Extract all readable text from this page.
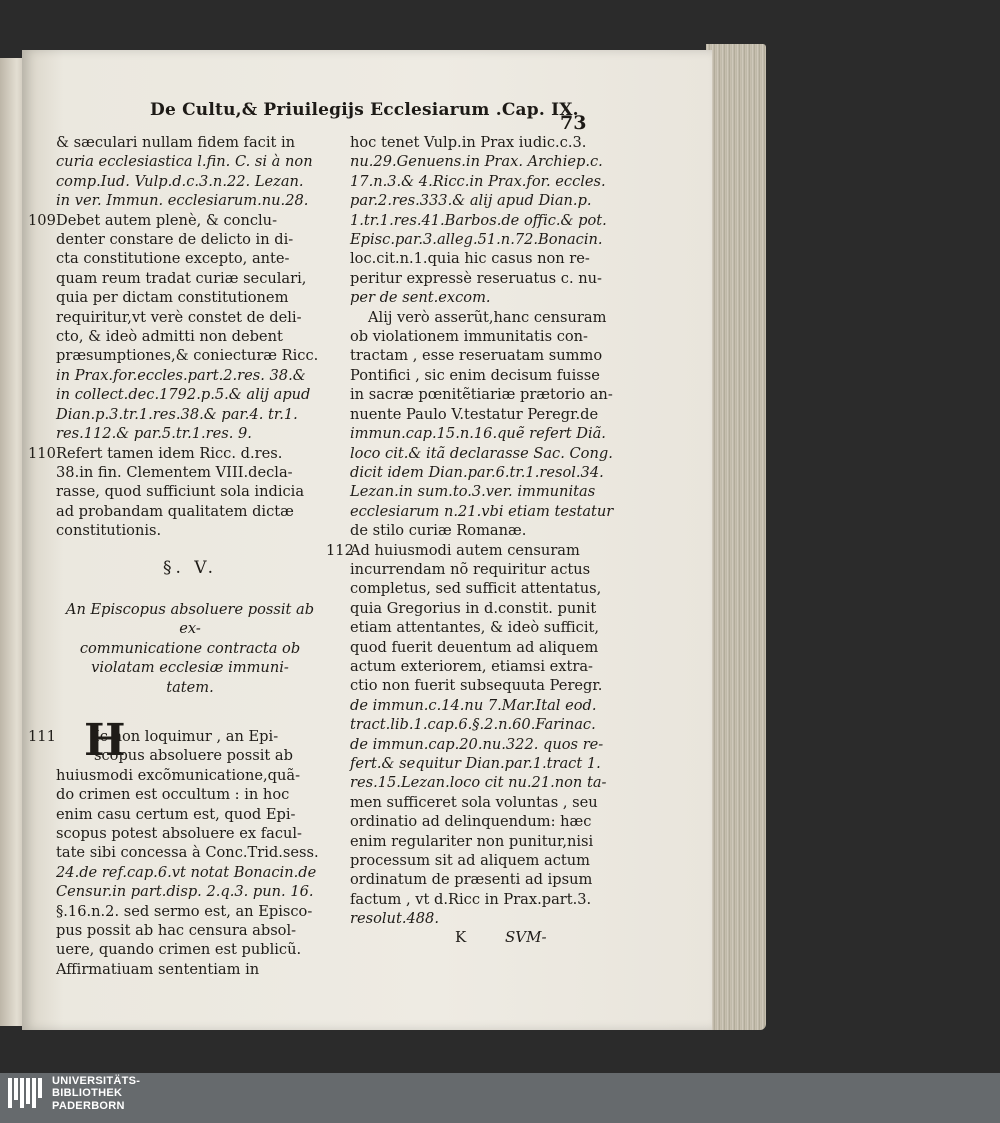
De Cultu,& Priuilegijs Ecclesiarum .Cap. IX.
73
& sæculari nullam fidem facit in
curia ecclesiastica l.fin. C. si à non
comp.Iud. Vulp.d.c.3.n.22. Lezan.
in ver. Immun. ecclesiarum.nu.28.
109Debet autem plenè, & conclu-
denter constare de delicto in di-
cta constitutione excepto, ante-
quam reum tradat curiæ seculari,
quia per dictam constitutionem
requiritur,vt verè constet de deli-
cto, & ideò admitti non debent
præsumptiones,& coniecturæ Ricc.
in Prax.for.eccles.part.2.res. 38.&
in collect.dec.1792.p.5.& alij apud
Dian.p.3.tr.1.res.38.& par.4. tr.1.
res.112.& par.5.tr.1.res. 9.
110Refert tamen idem Ricc. d.res.
38.in fin. Clementem VIII.decla-
rasse, quod sufficiunt sola indicia
ad probandam qualitatem dictæ
constitutionis.
§. V.
An Episcopus absoluere possit ab ex-
communicatione contracta ob
violatam ecclesiæ immuni-
tatem.
111 H
Ic non loquimur , an Epi-
scopus absoluere possit ab
huiusmodi excõmunicatione,quã-
do crimen est occultum : in hoc
enim casu certum est, quod Epi-
scopus potest absoluere ex facul-
tate sibi concessa à Conc.Trid.sess.
24.de ref.cap.6.vt notat Bonacin.de
Censur.in part.disp. 2.q.3. pun. 16.
§.16.n.2. sed sermo est, an Episco-
pus possit ab hac censura absol-
uere, quando crimen est publicũ.
Affirmatiuam sententiam in
hoc tenet Vulp.in Prax iudic.c.3.
nu.29.Genuens.in Prax. Archiep.c.
17.n.3.& 4.Ricc.in Prax.for. eccles.
par.2.res.333.& alij apud Dian.p.
1.tr.1.res.41.Barbos.de offic.& pot.
Episc.par.3.alleg.51.n.72.Bonacin.
loc.cit.n.1.quia hic casus non re-
peritur expressè reseruatus c. nu-
per de sent.excom.
Alij verò asserũt,hanc censuram
ob violationem immunitatis con-
tractam , esse reseruatam summo
Pontifici , sic enim decisum fuisse
in sacræ pœnitẽtiariæ prætorio an-
nuente Paulo V.testatur Peregr.de
immun.cap.15.n.16.quẽ refert Diã.
loco cit.& itã declarasse Sac. Cong.
dicit idem Dian.par.6.tr.1.resol.34.
Lezan.in sum.to.3.ver. immunitas
ecclesiarum n.21.vbi etiam testatur
de stilo curiæ Romanæ.
112Ad huiusmodi autem censuram
incurrendam nõ requiritur actus
completus, sed sufficit attentatus,
quia Gregorius in d.constit. punit
etiam attentantes, & ideò sufficit,
quod fuerit deuentum ad aliquem
actum exteriorem, etiamsi extra-
ctio non fuerit subsequuta Peregr.
de immun.c.14.nu 7.Mar.Ital eod.
tract.lib.1.cap.6.§.2.n.60.Farinac.
de immun.cap.20.nu.322. quos re-
fert.& sequitur Dian.par.1.tract 1.
res.15.Lezan.loco cit nu.21.non ta-
men sufficeret sola voluntas , seu
ordinatio ad delinquendum: hæc
enim regulariter non punitur,nisi
processum sit ad aliquem actum
ordinatum de præsenti ad ipsum
factum , vt d.Ricc in Prax.part.3.
resolut.488.
K	SVM-
UNIVERSITÄTS-
BIBLIOTHEK
PADERBORN
